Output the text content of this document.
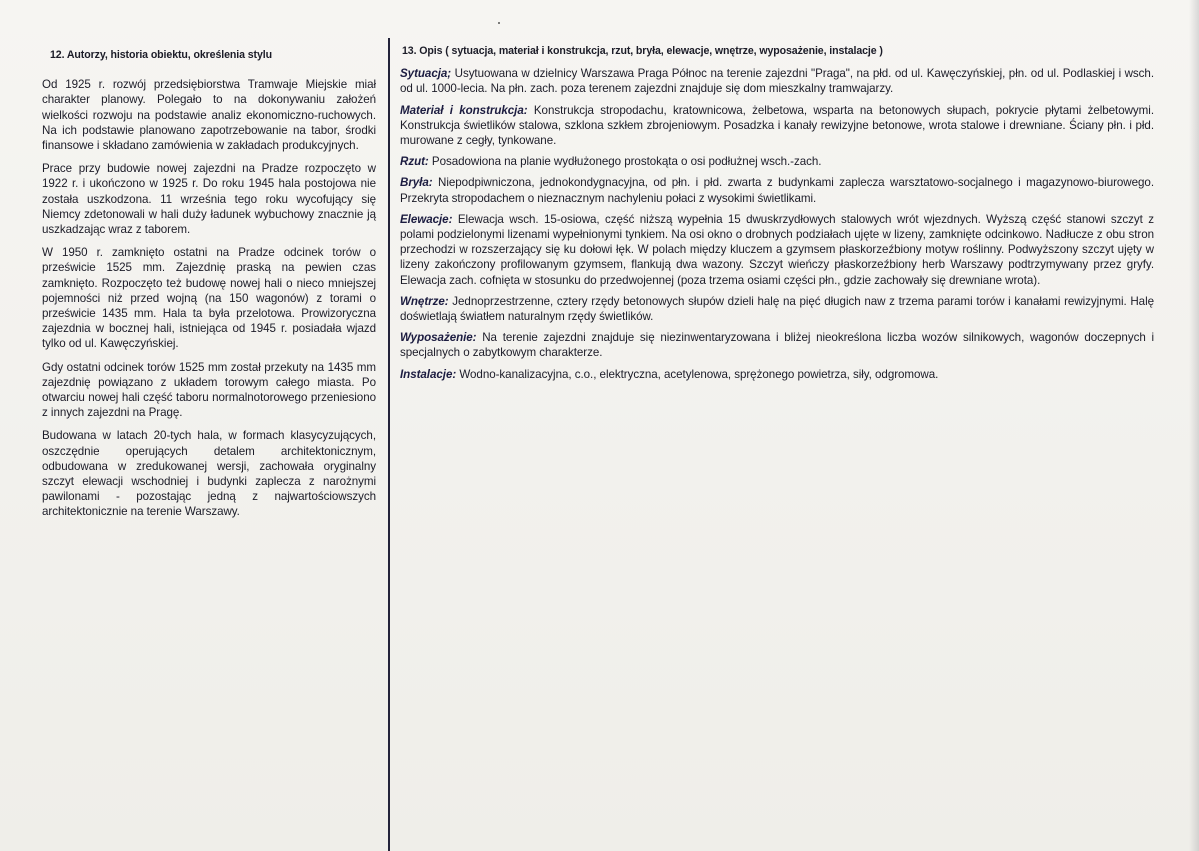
12. Autorzy, historia obiektu, określenia stylu

Od 1925 r. rozwój przedsiębiorstwa Tramwaje Miejskie miał charakter planowy. Polegało to na dokonywaniu założeń wielkości rozwoju na podstawie analiz ekonomiczno-ruchowych. Na ich podstawie planowano zapotrzebowanie na tabor, środki finansowe i składano zamówienia w zakładach produkcyjnych.

Prace przy budowie nowej zajezdni na Pradze rozpoczęto w 1922 r. i ukończono w 1925 r. Do roku 1945 hala postojowa nie została uszkodzona. 11 września tego roku wycofujący się Niemcy zdetonowali w hali duży ładunek wybuchowy znacznie ją uszkadzając wraz z taborem.

W 1950 r. zamknięto ostatni na Pradze odcinek torów o prześwicie 1525 mm. Zajezdnię praską na pewien czas zamknięto. Rozpoczęto też budowę nowej hali o nieco mniejszej pojemności niż przed wojną (na 150 wagonów) z torami o prześwicie 1435 mm. Hala ta była przelotowa. Prowizoryczna zajezdnia w bocznej hali, istniejąca od 1945 r. posiadała wjazd tylko od ul. Kawęczyńskiej.

Gdy ostatni odcinek torów 1525 mm został przekuty na 1435 mm zajezdnię powiązano z układem torowym całego miasta. Po otwarciu nowej hali część taboru normalnotorowego przeniesiono z innych zajezdni na Pragę.

Budowana w latach 20-tych hala, w formach klasycyzujących, oszczędnie operujących detalem architektonicznym, odbudowana w zredukowanej wersji, zachowała oryginalny szczyt elewacji wschodniej i budynki zaplecza z narożnymi pawilonami - pozostając jedną z najwartościowszych architektonicznie na terenie Warszawy.

13. Opis ( sytuacja, materiał i konstrukcja, rzut, bryła, elewacje, wnętrze, wyposażenie, instalacje )

Sytuacja; Usytuowana w dzielnicy Warszawa Praga Północ na terenie zajezdni "Praga", na płd. od ul. Kawęczyńskiej, płn. od ul. Podlaskiej i wsch. od ul. 1000-lecia. Na płn. zach. poza terenem zajezdni znajduje się dom mieszkalny tramwajarzy.

Materiał i konstrukcja: Konstrukcja stropodachu, kratownicowa, żelbetowa, wsparta na betonowych słupach, pokrycie płytami żelbetowymi. Konstrukcja świetlików stalowa, szklona szkłem zbrojeniowym. Posadzka i kanały rewizyjne betonowe, wrota stalowe i drewniane. Ściany płn. i płd. murowane z cegły, tynkowane.

Rzut: Posadowiona na planie wydłużonego prostokąta o osi podłużnej wsch.-zach.

Bryła: Niepodpiwniczona, jednokondygnacyjna, od płn. i płd. zwarta z budynkami zaplecza warsztatowo-socjalnego i magazynowo-biurowego. Przekryta stropodachem o nieznacznym nachyleniu połaci z wysokimi świetlikami.

Elewacje: Elewacja wsch. 15-osiowa, część niższą wypełnia 15 dwuskrzydłowych stalowych wrót wjezdnych. Wyższą część stanowi szczyt z polami podzielonymi lizenami wypełnionymi tynkiem. Na osi okno o drobnych podziałach ujęte w lizeny, zamknięte odcinkowo. Nadłucze z obu stron przechodzi w rozszerzający się ku dołowi łęk. W polach między kluczem a gzymsem płaskorzeźbiony motyw roślinny. Podwyższony szczyt ujęty w lizeny zakończony profilowanym gzymsem, flankują dwa wazony. Szczyt wieńczy płaskorzeźbiony herb Warszawy podtrzymywany przez gryfy. Elewacja zach. cofnięta w stosunku do przedwojennej (poza trzema osiami części płn., gdzie zachowały się drewniane wrota).

Wnętrze: Jednoprzestrzenne, cztery rzędy betonowych słupów dzieli halę na pięć długich naw z trzema parami torów i kanałami rewizyjnymi. Halę doświetlają światłem naturalnym rzędy świetlików.

Wyposażenie: Na terenie zajezdni znajduje się niezinwentaryzowana i bliżej nieokreślona liczba wozów silnikowych, wagonów doczepnych i specjalnych o zabytkowym charakterze.

Instalacje: Wodno-kanalizacyjna, c.o., elektryczna, acetylenowa, sprężonego powietrza, siły, odgromowa.
